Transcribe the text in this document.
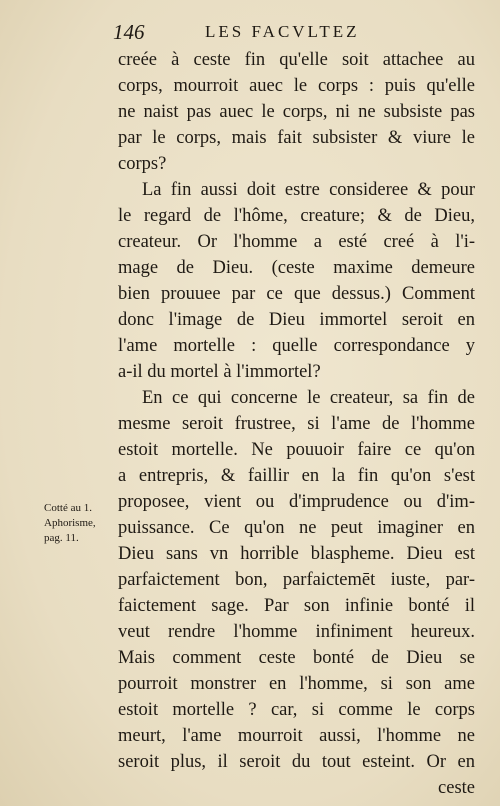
146	LES FACVLTEZ
Cotté au 1.
Aphorisme,
pag. 11.
creée à ceste fin qu'elle soit attachee au
corps, mourroit auec le corps : puis qu'elle
ne naist pas auec le corps, ni ne subsiste pas
par le corps, mais fait subsister & viure le
corps?
La fin aussi doit estre consideree & pour
le regard de l'hôme, creature; & de Dieu,
createur. Or l'homme a esté creé à l'i-
mage de Dieu. (ceste maxime demeure
bien prouuee par ce que dessus.) Comment
donc l'image de Dieu immortel seroit en
l'ame mortelle : quelle correspondance y
a-il du mortel à l'immortel?
En ce qui concerne le createur, sa fin de
mesme seroit frustree, si l'ame de l'homme
estoit mortelle. Ne pouuoir faire ce qu'on
a entrepris, & faillir en la fin qu'on s'est
proposee, vient ou d'imprudence ou d'im-
puissance. Ce qu'on ne peut imaginer en
Dieu sans vn horrible blaspheme. Dieu est
parfaictement bon, parfaictemēt iuste, par-
faictement sage. Par son infinie bonté il
veut rendre l'homme infiniment heureux.
Mais comment ceste bonté de Dieu se
pourroit monstrer en l'homme, si son ame
estoit mortelle ? car, si comme le corps
meurt, l'ame mourroit aussi, l'homme ne
seroit plus, il seroit du tout esteint. Or en
ceste
